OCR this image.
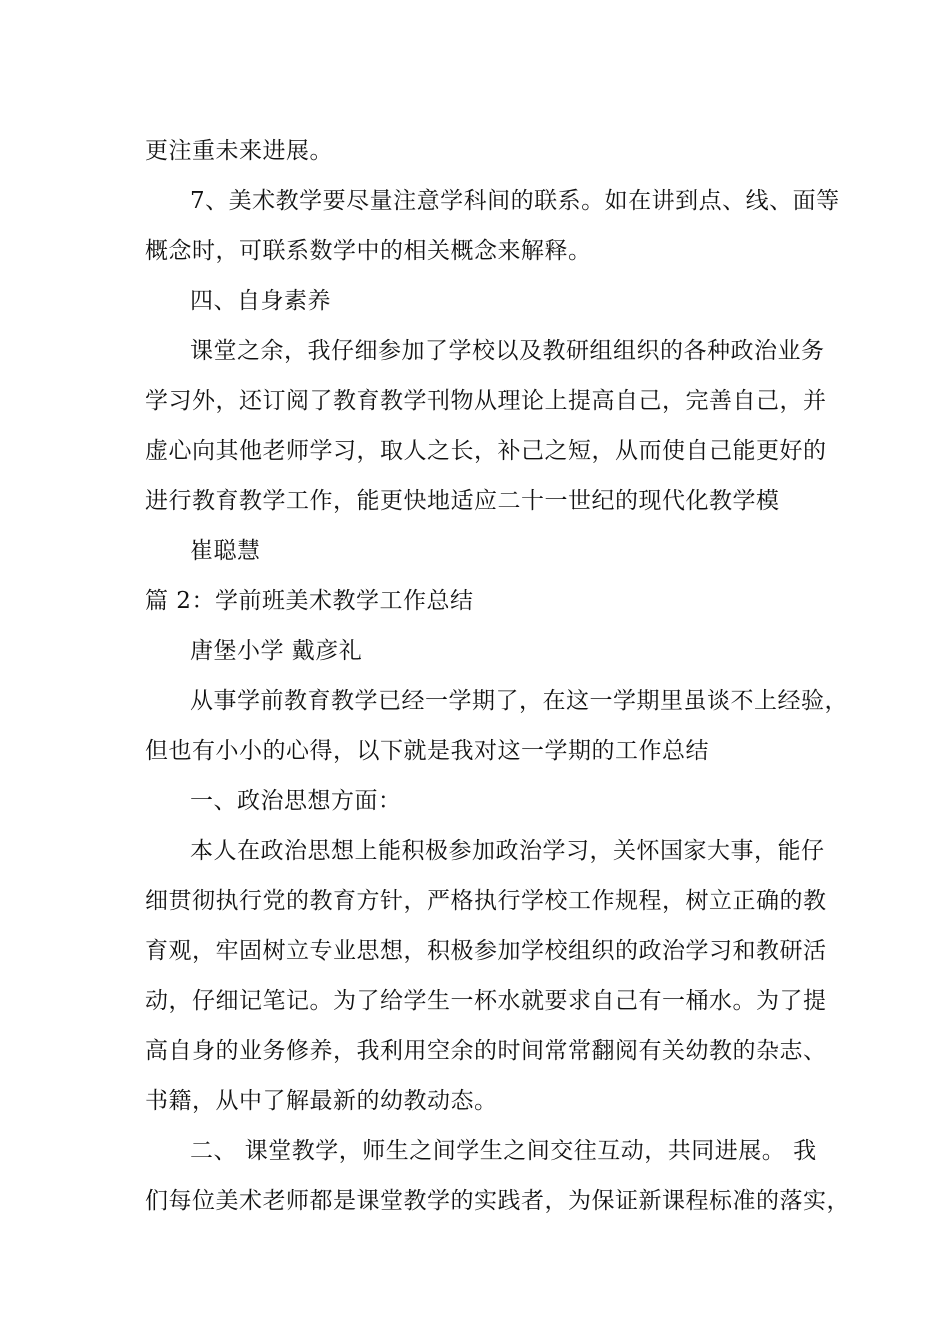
更注重未来进展。
7、美术教学要尽量注意学科间的联系。如在讲到点、线、面等
概念时，可联系数学中的相关概念来解释。
四、自身素养
课堂之余，我仔细参加了学校以及教研组组织的各种政治业务
学习外，还订阅了教育教学刊物从理论上提高自己，完善自己，并
虚心向其他老师学习，取人之长，补己之短，从而使自己能更好的
进行教育教学工作，能更快地适应二十一世纪的现代化教学模
崔聪慧
篇 2：学前班美术教学工作总结
唐堡小学 戴彦礼
从事学前教育教学已经一学期了，在这一学期里虽谈不上经验，
但也有小小的心得，以下就是我对这一学期的工作总结
一、政治思想方面：
本人在政治思想上能积极参加政治学习，关怀国家大事，能仔
细贯彻执行党的教育方针，严格执行学校工作规程，树立正确的教
育观，牢固树立专业思想，积极参加学校组织的政治学习和教研活
动，仔细记笔记。为了给学生一杯水就要求自己有一桶水。为了提
高自身的业务修养，我利用空余的时间常常翻阅有关幼教的杂志、
书籍，从中了解最新的幼教动态。
二、 课堂教学，师生之间学生之间交往互动，共同进展。 我
们每位美术老师都是课堂教学的实践者，为保证新课程标准的落实，
